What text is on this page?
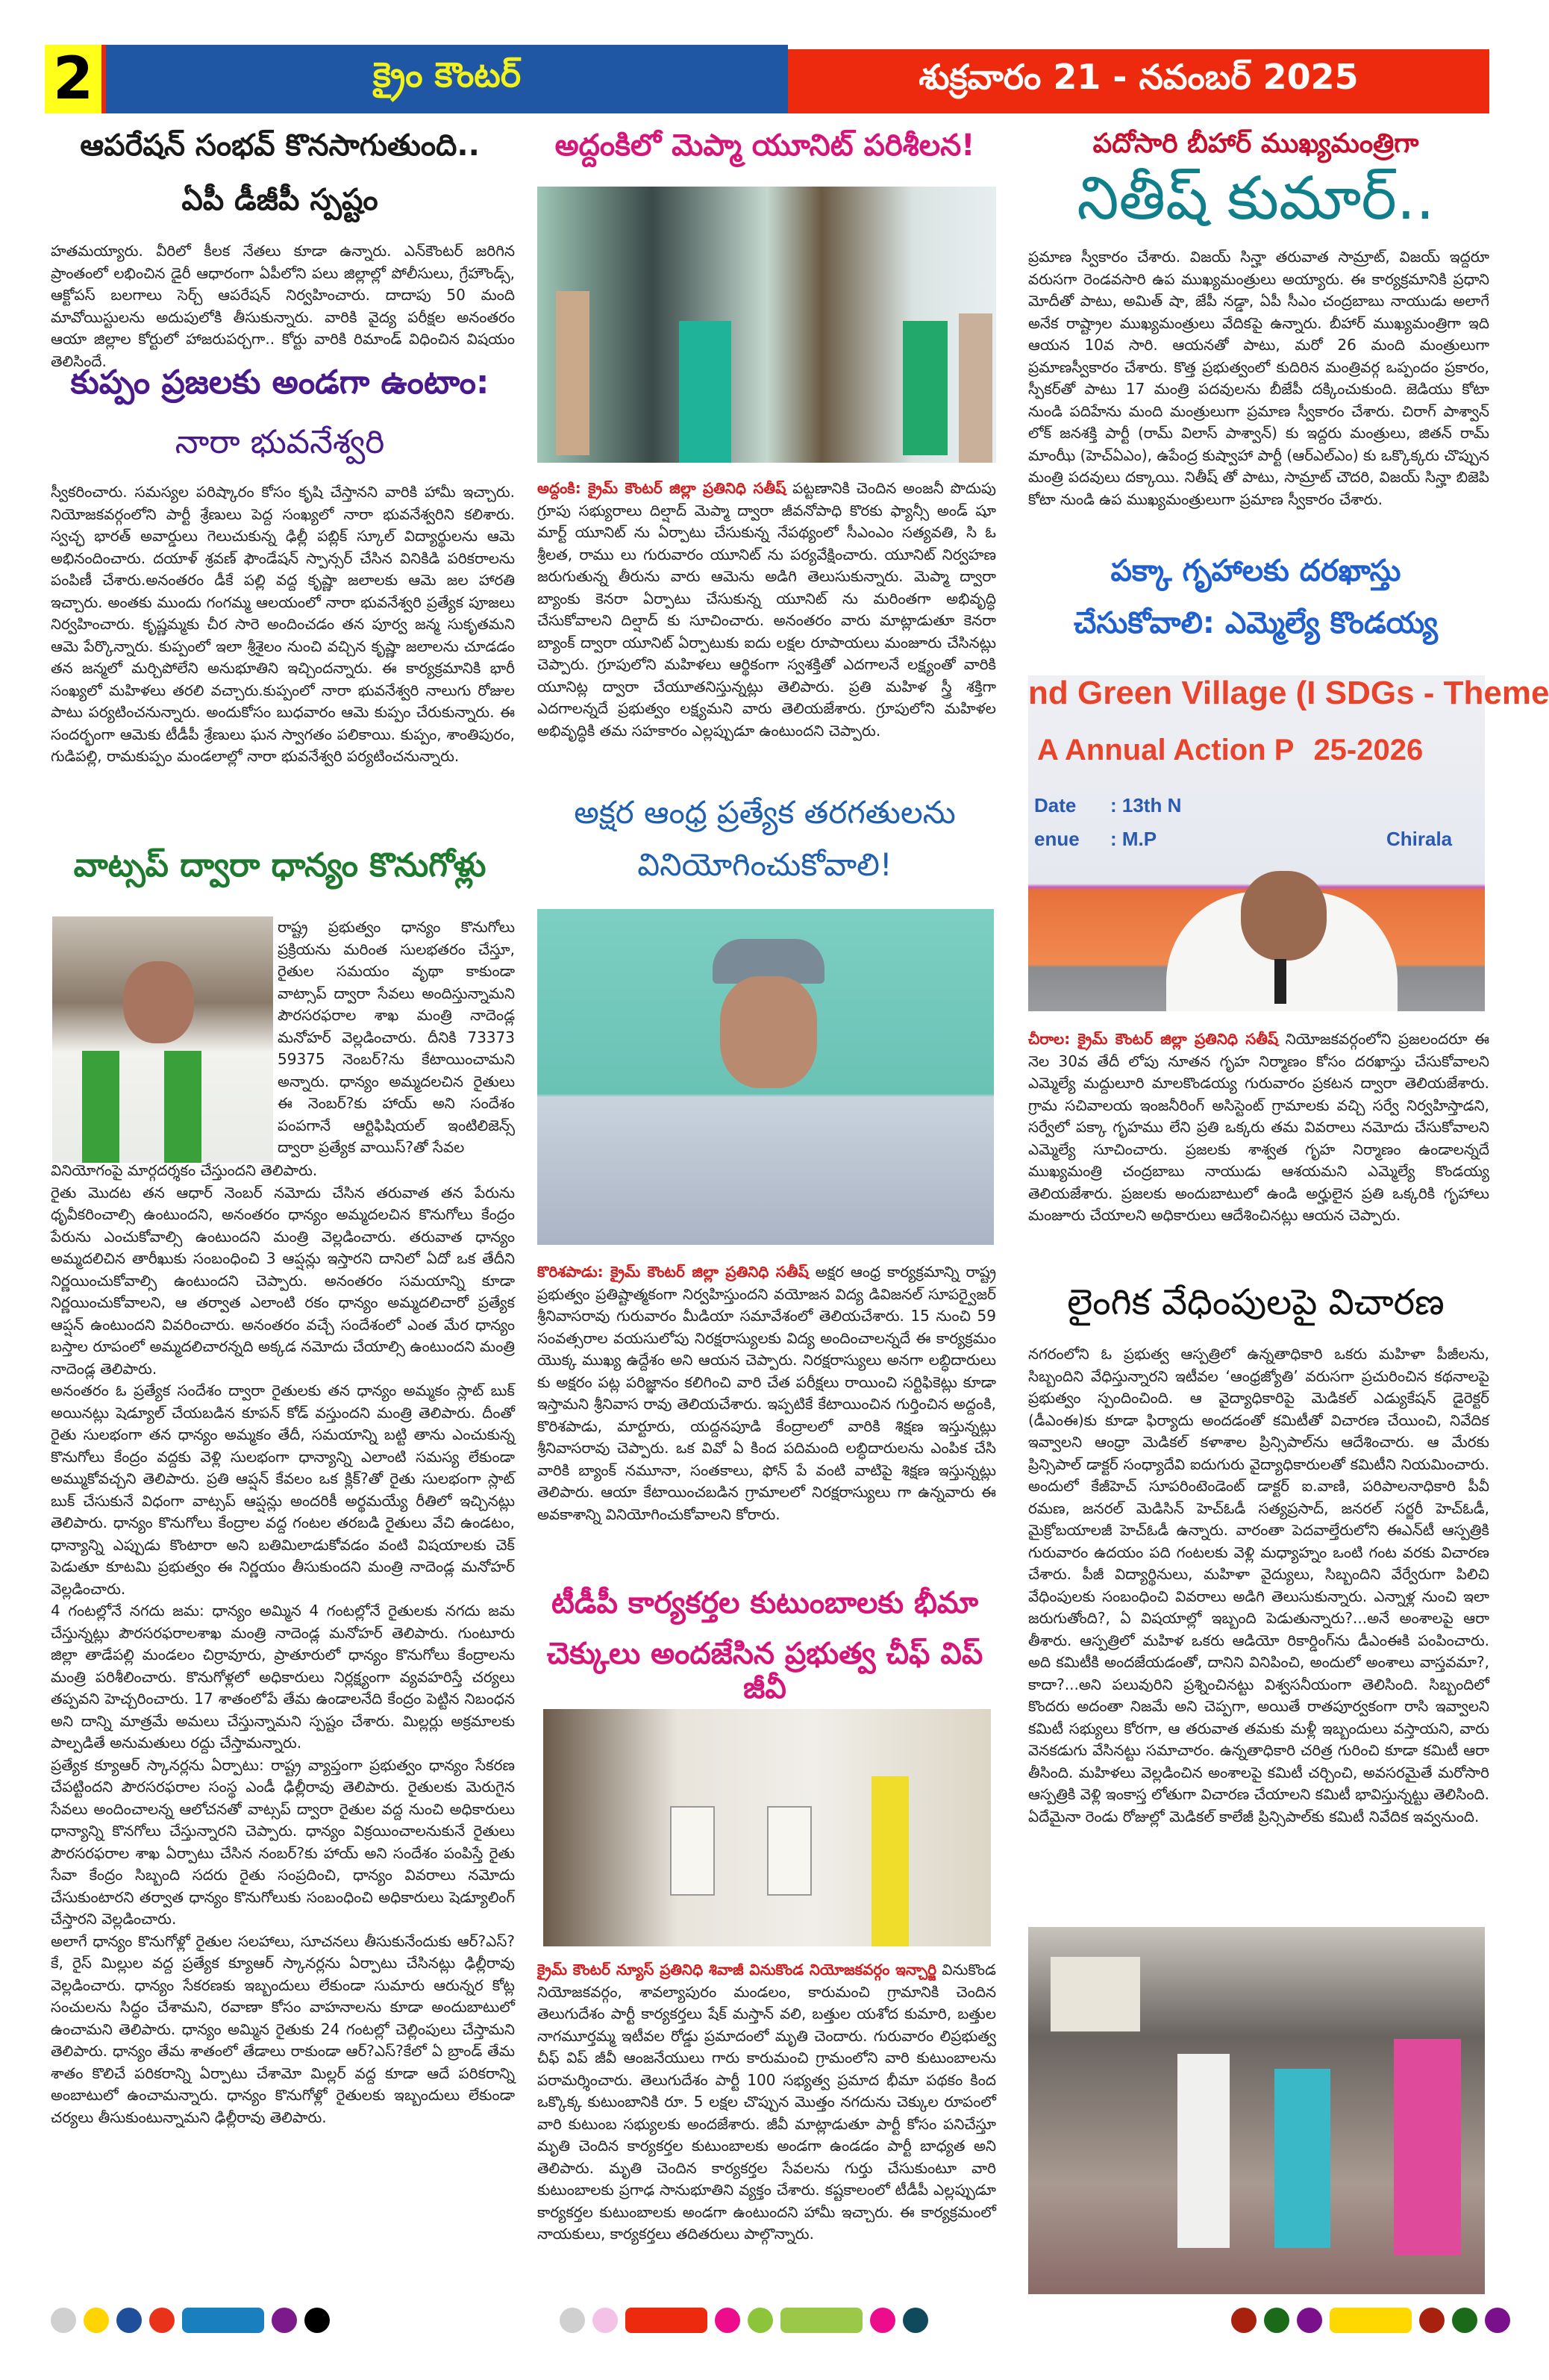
2	క్రైం కౌంటర్	శుక్రవారం 21 - నవంబర్ 2025
ఆపరేషన్ సంభవ్ కొనసాగుతుంది..
ఏపీ డీజీపీ స్పష్టం

హతమయ్యారు. వీరిలో కీలక నేతలు కూడా ఉన్నారు. ఎన్‌కౌంటర్ జరిగిన ప్రాంతంలో లభించిన డైరీ ఆధారంగా ఏపీలోని పలు జిల్లాల్లో పోలీసులు, గ్రేహౌండ్స్, ఆక్టోపస్ బలగాలు సెర్చ్ ఆపరేషన్ నిర్వహించారు. దాదాపు 50 మంది మావోయిస్టులను అదుపులోకి తీసుకున్నారు. వారికి వైద్య పరీక్షల అనంతరం ఆయా జిల్లాల కోర్టులో హాజరుపర్చగా.. కోర్టు వారికి రిమాండ్ విధించిన విషయం తెలిసిందే.

కుప్పం ప్రజలకు అండగా ఉంటాం:
నారా భువనేశ్వరి

స్వీకరించారు. సమస్యల పరిష్కారం కోసం కృషి చేస్తానని వారికి హామీ ఇచ్చారు. నియోజకవర్గంలోని పార్టీ శ్రేణులు పెద్ద సంఖ్యలో నారా భువనేశ్వరిని కలిశారు. స్వచ్ఛ భారత్ అవార్డులు గెలుచుకున్న ఢిల్లీ పబ్లిక్ స్కూల్ విద్యార్థులను ఆమె అభినందించారు. దయాళ్ శ్రవణ్ ఫౌండేషన్ స్పాన్సర్ చేసిన వినికిడి పరికరాలను పంపిణీ చేశారు.అనంతరం డీకే పల్లి వద్ద కృష్ణా జలాలకు ఆమె జల హారతి ఇచ్చారు. అంతకు ముందు గంగమ్మ ఆలయంలో నారా భువనేశ్వరి ప్రత్యేక పూజలు నిర్వహించారు. కృష్ణమ్మకు చీర సారె అందించడం తన పూర్వ జన్మ సుకృతమని ఆమె పేర్కొన్నారు. కుప్పంలో ఇలా శ్రీశైలం నుంచి వచ్చిన కృష్ణా జలాలను చూడడం తన జన్మలో మర్చిపోలేని అనుభూతిని ఇచ్చిందన్నారు. ఈ కార్యక్రమానికి భారీ సంఖ్యలో మహిళలు తరలి వచ్చారు.కుప్పంలో నారా భువనేశ్వరి నాలుగు రోజుల పాటు పర్యటించనున్నారు. అందుకోసం బుధవారం ఆమె కుప్పం చేరుకున్నారు. ఈ సందర్భంగా ఆమెకు టీడీపీ శ్రేణులు ఘన స్వాగతం పలికాయి. కుప్పం, శాంతిపురం, గుడిపల్లి, రామకుప్పం మండలాల్లో నారా భువనేశ్వరి పర్యటించనున్నారు.

వాట్సప్ ద్వారా ధాన్యం కొనుగోళ్లు

రాష్ట్ర ప్రభుత్వం ధాన్యం కొనుగోలు ప్రక్రియను మరింత సులభతరం చేస్తూ, రైతుల సమయం వృథా కాకుండా వాట్సాప్ ద్వారా సేవలు అందిస్తున్నామని పౌరసరఫరాల శాఖ మంత్రి నాదెండ్ల మనోహర్ వెల్లడించారు. దీనికి 73373 59375 నెంబర్?ను కేటాయించామని అన్నారు. ధాన్యం అమ్మదలచిన రైతులు ఈ నెంబర్?కు హాయ్ అని సందేశం పంపగానే ఆర్టిఫిషియల్ ఇంటిలిజెన్స్ ద్వారా ప్రత్యేక వాయిస్?తో సేవల

వినియోగంపై మార్గదర్శకం చేస్తుందని తెలిపారు.

రైతు మొదట తన ఆధార్ నెంబర్ నమోదు చేసిన తరువాత తన పేరును ధృవీకరించాల్సి ఉంటుందని, అనంతరం ధాన్యం అమ్మదలచిన కొనుగోలు కేంద్రం పేరును ఎంచుకోవాల్సి ఉంటుందని మంత్రి వెల్లడించారు. తరువాత ధాన్యం అమ్మదలిచిన తారీఖుకు సంబంధించి 3 ఆప్షన్లు ఇస్తారని దానిలో ఏదో ఒక తేదీని నిర్ణయించుకోవాల్సి ఉంటుందని చెప్పారు. అనంతరం సమయాన్ని కూడా నిర్ణయించుకోవాలని, ఆ తర్వాత ఎలాంటి రకం ధాన్యం అమ్మదలిచారో ప్రత్యేక ఆప్షన్ ఉంటుందని వివరించారు. అనంతరం వచ్చే సందేశంలో ఎంత మేర ధాన్యం బస్తాల రూపంలో అమ్మదలిచారన్నది అక్కడ నమోదు చేయాల్సి ఉంటుందని మంత్రి నాదెండ్ల తెలిపారు.

అనంతరం ఓ ప్రత్యేక సందేశం ద్వారా రైతులకు తన ధాన్యం అమ్మకం స్లాట్ బుక్ అయినట్లు షెడ్యూల్ చేయబడిన కూపన్ కోడ్ వస్తుందని మంత్రి తెలిపారు. దీంతో రైతు సులభంగా తన ధాన్యం అమ్మకం తేదీ, సమయాన్ని బట్టి తాను ఎంచుకున్న కొనుగోలు కేంద్రం వద్దకు వెళ్లి సులభంగా ధాన్యాన్ని ఎలాంటి సమస్య లేకుండా అమ్ముకోవచ్చని తెలిపారు. ప్రతి ఆప్షన్ కేవలం ఒక క్లిక్?తో రైతు సులభంగా స్లాట్ బుక్ చేసుకునే విధంగా వాట్సప్ ఆప్షన్లు అందరికీ అర్థమయ్యే రీతిలో ఇచ్చినట్లు తెలిపారు. ధాన్యం కొనుగోలు కేంద్రాల వద్ద గంటల తరబడి రైతులు వేచి ఉండటం, ధాన్యాన్ని ఎప్పుడు కొంటారా అని బతిమిలాడుకోవడం వంటి విషయాలకు చెక్ పెడుతూ కూటమి ప్రభుత్వం ఈ నిర్ణయం తీసుకుందని మంత్రి నాదెండ్ల మనోహర్ వెల్లడించారు.

4 గంటల్లోనే నగదు జమ: ధాన్యం అమ్మిన 4 గంటల్లోనే రైతులకు నగదు జమ చేస్తున్నట్లు పౌరసరఫరాలశాఖ మంత్రి నాదెండ్ల మనోహర్ తెలిపారు. గుంటూరు జిల్లా తాడేపల్లి మండలం చిర్రావూరు, ప్రాతూరులో ధాన్యం కొనుగోలు కేంద్రాలను మంత్రి పరిశీలించారు. కొనుగోళ్లలో అధికారులు నిర్లక్ష్యంగా వ్యవహరిస్తే చర్యలు తప్పవని హెచ్చరించారు. 17 శాతంలోపే తేమ ఉండాలనేది కేంద్రం పెట్టిన నిబంధన అని దాన్ని మాత్రమే అమలు చేస్తున్నామని స్పష్టం చేశారు. మిల్లర్లు అక్రమాలకు పాల్పడితే అనుమతులు రద్దు చేస్తామన్నారు.

ప్రత్యేక క్యూఆర్ స్కానర్లను ఏర్పాటు: రాష్ట్ర వ్యాప్తంగా ప్రభుత్వం ధాన్యం సేకరణ చేపట్టిందని పౌరసరఫరాల సంస్థ ఎండీ ఢిల్లీరావు తెలిపారు. రైతులకు మెరుగైన సేవలు అందించాలన్న ఆలోచనతో వాట్సప్ ద్వారా రైతుల వద్ద నుంచి అధికారులు ధాన్యాన్ని కొనగోలు చేస్తున్నారని చెప్పారు. ధాన్యం విక్రయించాలనుకునే రైతులు పౌరసరఫరాల శాఖ ఏర్పాటు చేసిన నంబర్?కు హాయ్ అని సందేశం పంపిస్తే రైతు సేవా కేంద్రం సిబ్బంది సదరు రైతు సంప్రదించి, ధాన్యం వివరాలు నమోదు చేసుకుంటారని తర్వాత ధాన్యం కొనుగోలుకు సంబంధించి అధికారులు షెడ్యూలింగ్ చేస్తారని వెల్లడించారు.

అలాగే ధాన్యం కొనుగోళ్లో రైతుల సలహాలు, సూచనలు తీసుకునేందుకు ఆర్?ఎస్?కే, రైస్ మిల్లుల వద్ద ప్రత్యేక క్యూఆర్ స్కానర్లను ఏర్పాటు చేసినట్లు ఢిల్లీరావు వెల్లడించారు. ధాన్యం సేకరణకు ఇబ్బందులు లేకుండా సుమారు ఆరున్నర కోట్ల సంచులను సిద్ధం చేశామని, రవాణా కోసం వాహనాలను కూడా అందుబాటులో ఉంచామని తెలిపారు. ధాన్యం అమ్మిన రైతుకు 24 గంటల్లో చెల్లింపులు చేస్తామని తెలిపారు. ధాన్యం తేమ శాతంలో తేడాలు రాకుండా ఆర్?ఎస్?కేలో ఏ బ్రాండ్ తేమ శాతం కొలిచే పరికరాన్ని ఏర్పాటు చేశామో మిల్లర్ వద్ద కూడా ఆదే పరికరాన్ని అంబాటులో ఉంచామన్నారు. ధాన్యం కొనుగోళ్లో రైతులకు ఇబ్బందులు లేకుండా చర్యలు తీసుకుంటున్నామని ఢిల్లీరావు తెలిపారు.

అద్దంకిలో మెప్మా యూనిట్ పరిశీలన!

అద్దంకి: క్రైమ్ కౌంటర్ జిల్లా ప్రతినిధి సతీష్ పట్టణానికి చెందిన అంజనీ పొదుపు గ్రూపు సభ్యురాలు దిల్షాద్ మెప్మా ద్వారా జీవనోపాధి కొరకు ఫ్యాన్సీ అండ్ షూ మార్ట్ యూనిట్ ను ఏర్పాటు చేసుకున్న నేపథ్యంలో సీఎంఎం సత్యవతి, సి ఓ శ్రీలత, రాము లు గురువారం యూనిట్ ను పర్యవేక్షించారు. యూనిట్ నిర్వహణ జరుగుతున్న తీరును వారు ఆమెను అడిగి తెలుసుకున్నారు. మెప్మా ద్వారా బ్యాంకు కెనరా ఏర్పాటు చేసుకున్న యూనిట్ ను మరింతగా అభివృద్ధి చేసుకోవాలని దిల్షాద్ కు సూచించారు. అనంతరం వారు మాట్లాడుతూ కెనరా బ్యాంక్ ద్వారా యూనిట్ ఏర్పాటుకు ఐదు లక్షల రూపాయలు మంజూరు చేసినట్లు చెప్పారు. గ్రూపులోని మహిళలు ఆర్థికంగా స్వశక్తితో ఎదగాలనే లక్ష్యంతో వారికి యూనిట్ల ద్వారా చేయూతనిస్తున్నట్లు తెలిపారు. ప్రతి మహిళ స్త్రీ శక్తిగా ఎదగాలన్నదే ప్రభుత్వం లక్ష్యమని వారు తెలియజేశారు. గ్రూపులోని మహిళల అభివృద్ధికి తమ సహకారం ఎల్లప్పుడూ ఉంటుందని చెప్పారు.

అక్షర ఆంధ్ర ప్రత్యేక తరగతులను
వినియోగించుకోవాలి!

కొరిశపాడు: క్రైమ్ కౌంటర్ జిల్లా ప్రతినిధి సతీష్ అక్షర ఆంధ్ర కార్యక్రమాన్ని రాష్ట్ర ప్రభుత్వం ప్రతిష్టాత్మకంగా నిర్వహిస్తుందని వయోజన విద్య డివిజనల్ సూపర్వైజర్ శ్రీనివాసరావు గురువారం మీడియా సమావేశంలో తెలియచేశారు. 15 నుంచి 59 సంవత్సరాల వయసులోపు నిరక్షరాస్యులకు విద్య అందించాలన్నదే ఈ కార్యక్రమం యొక్క ముఖ్య ఉద్దేశం అని ఆయన చెప్పారు. నిరక్షరాస్యులు అనగా లబ్ధిదారులు కు అక్షరం పట్ల పరిజ్ఞానం కలిగించి వారి చేత పరీక్షలు రాయించి సర్టిఫికెట్లు కూడా ఇస్తామని శ్రీనివాస రావు తెలియచేశారు. ఇప్పటికే కేటాయించిన గుర్తించిన అద్దంకి, కొరిశపాడు, మార్టూరు, యద్దనపూడి కేంద్రాలలో వారికి శిక్షణ ఇస్తున్నట్లు శ్రీనివాసరావు చెప్పారు. ఒక వివో ఏ కింద పదిమంది లబ్ధిదారులను ఎంపిక చేసి వారికి బ్యాంక్ నమూనా, సంతకాలు, ఫోన్ పే వంటి వాటిపై శిక్షణ ఇస్తున్నట్లు తెలిపారు. ఆయా కేటాయించబడిన గ్రామాలలో నిరక్షరాస్యులు గా ఉన్నవారు ఈ అవకాశాన్ని వినియోగించుకోవాలని కోరారు.

టీడీపీ కార్యకర్తల కుటుంబాలకు భీమా
చెక్కులు అందజేసిన ప్రభుత్వ చీఫ్ విప్ జీవీ

క్రైమ్ కౌంటర్ న్యూస్ ప్రతినిధి శివాజీ వినుకొండ నియోజకవర్గం ఇన్చార్జి వినుకొండ నియోజకవర్గం, శావల్యాపురం మండలం, కారుమంచి గ్రామానికి చెందిన తెలుగుదేశం పార్టీ కార్యకర్తలు షేక్ మస్తాన్ వలి, బత్తుల యశోద కుమారి, బత్తుల నాగమూర్తమ్మ ఇటీవల రోడ్డు ప్రమాదంలో మృతి చెందారు. గురువారం లిప్రభుత్వ చీఫ్ విప్ జీవీ ఆంజనేయులు గారు కారుమంచి గ్రామంలోని వారి కుటుంబాలను పరామర్శించారు. తెలుగుదేశం పార్టీ 100 సభ్యత్వ ప్రమాద భీమా పథకం కింద ఒక్కొక్క కుటుంబానికి రూ. 5 లక్షల చొప్పున మొత్తం నగదును చెక్కుల రూపంలో వారి కుటుంబ సభ్యులకు అందజేశారు. జీవీ మాట్లాడుతూ పార్టీ కోసం పనిచేస్తూ మృతి చెందిన కార్యకర్తల కుటుంబాలకు అండగా ఉండడం పార్టీ బాధ్యత అని తెలిపారు. మృతి చెందిన కార్యకర్తల సేవలను గుర్తు చేసుకుంటూ వారి కుటుంబాలకు ప్రగాఢ సానుభూతిని వ్యక్తం చేశారు. కష్టకాలంలో టీడీపీ ఎల్లప్పుడూ కార్యకర్తల కుటుంబాలకు అండగా ఉంటుందని హామీ ఇచ్చారు. ఈ కార్యక్రమంలో నాయకులు, కార్యకర్తలు తదితరులు పాల్గొన్నారు.

పదోసారి బీహార్ ముఖ్యమంత్రిగా
నితీష్ కుమార్..

ప్రమాణ స్వీకారం చేశారు. విజయ్ సిన్హా తరువాత సామ్రాట్, విజయ్ ఇద్దరూ వరుసగా రెండవసారి ఉప ముఖ్యమంత్రులు అయ్యారు. ఈ కార్యక్రమానికి ప్రధాని మోదీతో పాటు, అమిత్ షా, జేపీ నడ్డా, ఏపీ సీఎం చంద్రబాబు నాయుడు అలాగే అనేక రాష్ట్రాల ముఖ్యమంత్రులు వేదికపై ఉన్నారు. బీహార్ ముఖ్యమంత్రిగా ఇది ఆయన 10వ సారి. ఆయనతో పాటు, మరో 26 మంది మంత్రులుగా ప్రమాణస్వీకారం చేశారు. కొత్త ప్రభుత్వంలో కుదిరిన మంత్రివర్గ ఒప్పందం ప్రకారం, స్పీకర్‌తో పాటు 17 మంత్రి పదవులను బీజేపీ దక్కించుకుంది. జెడియు కోటా నుండి పదిహేను మంది మంత్రులుగా ప్రమాణ స్వీకారం చేశారు. చిరాగ్ పాశ్వాన్ లోక్ జనశక్తి పార్టీ (రామ్ విలాస్ పాశ్వాన్) కు ఇద్దరు మంత్రులు, జితన్ రామ్ మాంఝీ (హెచ్ఏఎం), ఉపేంద్ర కుష్వాహా పార్టీ (ఆర్ఎల్ఎం) కు ఒక్కొక్కరు చొప్పున మంత్రి పదవులు దక్కాయి. నితీష్ తో పాటు, సామ్రాట్ చౌదరి, విజయ్ సిన్హా బిజెపి కోటా నుండి ఉప ముఖ్యమంత్రులుగా ప్రమాణ స్వీకారం చేశారు.

పక్కా గృహాలకు దరఖాస్తు
చేసుకోవాలి: ఎమ్మెల్యే కొండయ్య
nd Green Village (I SDGs - Theme
A Annual Action P 25-2026
Date : 13th N
enue : M.P	Chirala

చీరాల: క్రైమ్ కౌంటర్ జిల్లా ప్రతినిధి సతీష్ నియోజకవర్గంలోని ప్రజలందరూ ఈ నెల 30వ తేదీ లోపు నూతన గృహ నిర్మాణం కోసం దరఖాస్తు చేసుకోవాలని ఎమ్మెల్యే మద్దులూరి మాలకొండయ్య గురువారం ప్రకటన ద్వారా తెలియజేశారు. గ్రామ సచివాలయ ఇంజనీరింగ్ అసిస్టెంట్ గ్రామాలకు వచ్చి సర్వే నిర్వహిస్తాడని, సర్వేలో పక్కా గృహము లేని ప్రతి ఒక్కరు తమ వివరాలు నమోదు చేసుకోవాలని ఎమ్మెల్యే సూచించారు. ప్రజలకు శాశ్వత గృహ నిర్మాణం ఉండాలన్నదే ముఖ్యమంత్రి చంద్రబాబు నాయుడు ఆశయమని ఎమ్మెల్యే కొండయ్య తెలియజేశారు. ప్రజలకు అందుబాటులో ఉండి అర్హులైన ప్రతి ఒక్కరికి గృహాలు మంజూరు చేయాలని అధికారులు ఆదేశించినట్లు ఆయన చెప్పారు.

లైంగిక వేధింపులపై విచారణ

నగరంలోని ఓ ప్రభుత్వ ఆస్పత్రిలో ఉన్నతాధికారి ఒకరు మహిళా పీజీలను, సిబ్బందిని వేధిస్తున్నారని ఇటీవల ‘ఆంధ్రజ్యోతి’ వరుసగా ప్రచురించిన కథనాలపై ప్రభుత్వం స్పందించింది. ఆ వైద్యాధికారిపై మెడికల్ ఎడ్యుకేషన్ డైరెక్టర్ (డీఎంఈ)కు కూడా ఫిర్యాదు అందడంతో కమిటీతో విచారణ చేయించి, నివేదిక ఇవ్వాలని ఆంధ్రా మెడికల్ కళాశాల ప్రిన్సిపాల్‌ను ఆదేశించారు. ఆ మేరకు ప్రిన్సిపాల్ డాక్టర్ సంధ్యాదేవి ఐదుగురు వైద్యాధికారులతో కమిటీని నియమించారు. అందులో కేజీహెచ్ సూపరింటెండెంట్ డాక్టర్ ఐ.వాణి, పరిపాలనాధికారి పీవీ రమణ, జనరల్ మెడిసిన్ హెచ్ఓడీ సత్యప్రసాద్, జనరల్ సర్జరీ హెచ్ఓడీ, మైక్రోబయాలజీ హెచ్ఓడీ ఉన్నారు. వారంతా పెదవాల్తేరులోని ఈఎన్‌టీ ఆస్పత్రికి గురువారం ఉదయం పది గంటలకు వెళ్లి మధ్యాహ్నం ఒంటి గంట వరకు విచారణ చేశారు. పీజీ విద్యార్థినులు, మహిళా వైద్యులు, సిబ్బందిని వేర్వేరుగా పిలిచి వేధింపులకు సంబంధించి వివరాలు అడిగి తెలుసుకున్నారు. ఎన్నాళ్ల నుంచి ఇలా జరుగుతోంది?, ఏ విషయాల్లో ఇబ్బంది పెడుతున్నారు?...అనే అంశాలపై ఆరా తీశారు. ఆస్పత్రిలో మహిళ ఒకరు ఆడియో రికార్డింగ్‌ను డీఎంఈకి పంపించారు. అది కమిటీకి అందజేయడంతో, దానిని వినిపించి, అందులో అంశాలు వాస్తవమా?, కాదా?...అని పలువురిని ప్రశ్నించినట్టు విశ్వసనీయంగా తెలిసింది. సిబ్బందిలో కొందరు అదంతా నిజమే అని చెప్పగా, అయితే రాతపూర్వకంగా రాసి ఇవ్వాలని కమిటీ సభ్యులు కోరగా, ఆ తరువాత తమకు మళ్లీ ఇబ్బందులు వస్తాయని, వారు వెనకడుగు వేసినట్టు సమాచారం. ఉన్నతాధికారి చరిత్ర గురించి కూడా కమిటీ ఆరా తీసింది. మహిళలు వెల్లడించిన అంశాలపై కమిటీ చర్చించి, అవసరమైతే మరోసారి ఆస్పత్రికి వెళ్లి ఇంకాస్త లోతుగా విచారణ చేయాలని కమిటీ భావిస్తున్నట్టు తెలిసింది. ఏదేమైనా రెండు రోజుల్లో మెడికల్ కాలేజీ ప్రిన్సిపాల్‌కు కమిటీ నివేదిక ఇవ్వనుంది.
